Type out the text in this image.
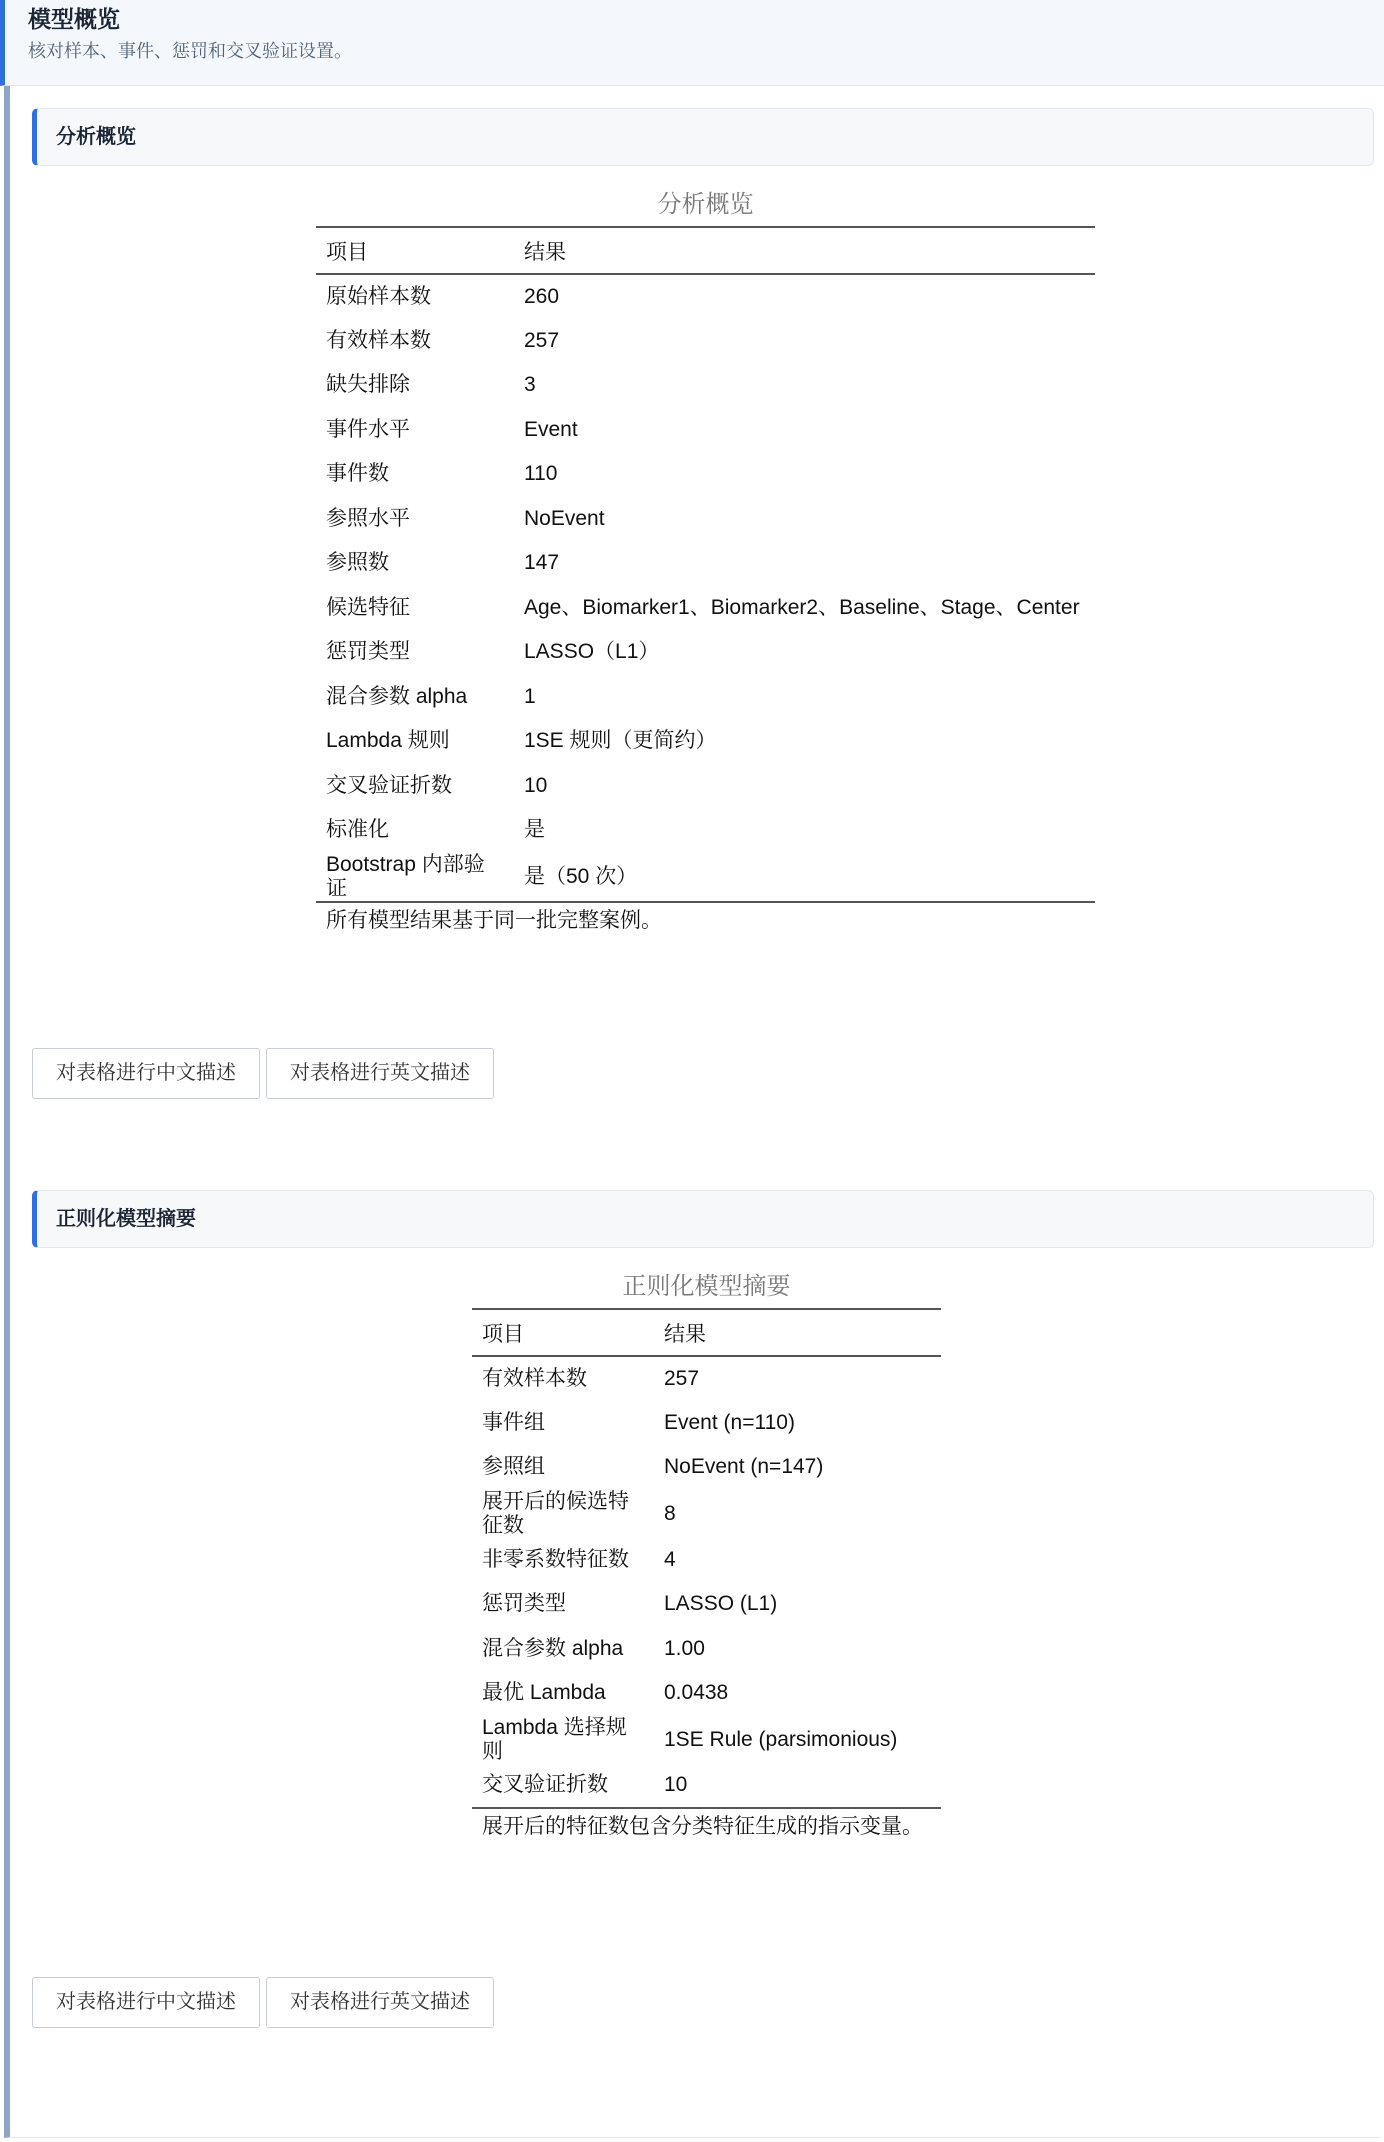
模型概览
核对样本、事件、惩罚和交叉验证设置。
分析概览
分析概览
项目	结果
原始样本数	260
有效样本数	257
缺失排除	3
事件水平	Event
事件数	110
参照水平	NoEvent
参照数	147
候选特征	Age、Biomarker1、Biomarker2、Baseline、Stage、Center
惩罚类型	LASSO（L1）
混合参数 alpha	1
Lambda 规则	1SE 规则（更简约）
交叉验证折数	10
标准化	是
Bootstrap 内部验证	是（50 次）
所有模型结果基于同一批完整案例。	
对表格进行中文描述	对表格进行英文描述
正则化模型摘要
正则化模型摘要
项目	结果
有效样本数	257
事件组	Event (n=110)
参照组	NoEvent (n=147)
展开后的候选特征数	8
非零系数特征数	4
惩罚类型	LASSO (L1)
混合参数 alpha	1.00
最优 Lambda	0.0438
Lambda 选择规则	1SE Rule (parsimonious)
交叉验证折数	10
展开后的特征数包含分类特征生成的指示变量。	
对表格进行中文描述	对表格进行英文描述
